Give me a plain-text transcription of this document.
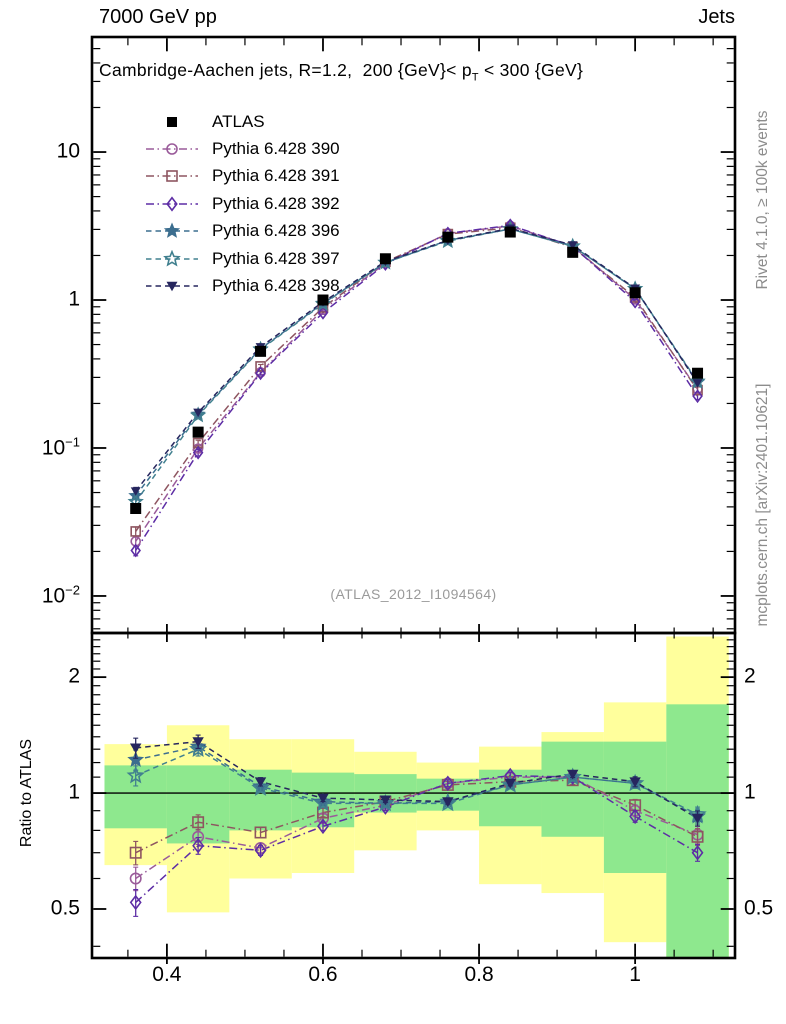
7000 GeV pp	Jets
Cambridge-Aachen jets, R=1.2,  200 $\{GeV\}< p_T < 300$ {GeV}
(ATLAS_2012_I1094564)
Ratio to ATLAS
Rivet 4.1.0, ≥ 100k events
mcplots.cern.ch [arXiv:2401.10621]
ATLAS
Pythia 6.428 390
Pythia 6.428 391
Pythia 6.428 392
Pythia 6.428 396
Pythia 6.428 397
Pythia 6.428 398
0.4	0.6	0.8	1
10
1
$10^{-1}$
$10^{-2}$
2	2
1	1
0.5	0.5
